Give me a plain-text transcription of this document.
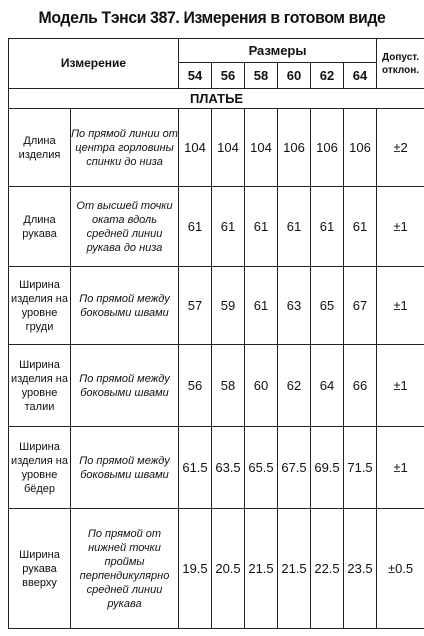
Модель Тэнси 387. Измерения в готовом виде
Измерение		Размеры						Допуст. отклон.
		54	56	58	60	62	64	
ПЛАТЬЕ								
Длина изделия	По прямой линии от центра горловины спинки до низа	104	104	104	106	106	106	±2
Длина рукава	От высшей точки оката вдоль средней линии рукава до низа	61	61	61	61	61	61	±1
Ширина изделия на уровне груди	По прямой между боковыми швами	57	59	61	63	65	67	±1
Ширина изделия на уровне талии	По прямой между боковыми швами	56	58	60	62	64	66	±1
Ширина изделия на уровне бёдер	По прямой между боковыми швами	61.5	63.5	65.5	67.5	69.5	71.5	±1
Ширина рукава вверху	По прямой от нижней точки проймы перпендикулярно средней линии рукава	19.5	20.5	21.5	21.5	22.5	23.5	±0.5
